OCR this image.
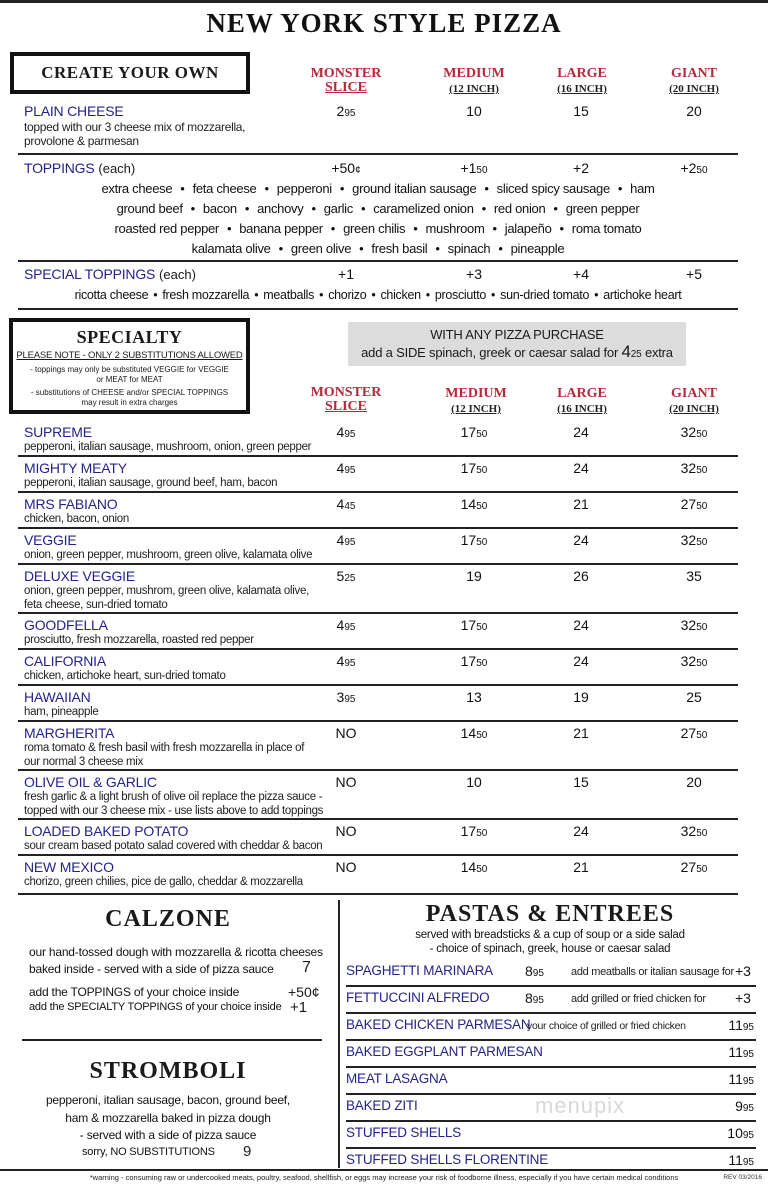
NEW YORK STYLE PIZZA
CREATE YOUR OWN	MONSTER
SLICE
MEDIUM
(12 INCH)
LARGE
(16 INCH)
GIANT
(20 INCH)
PLAIN CHEESE
topped with our 3 cheese mix of mozzarella,
provolone & parmesan
295	10	15	20
TOPPINGS (each)	+50¢	+150	+2	+250
extra cheese • feta cheese • pepperoni • ground italian sausage • sliced spicy sausage • ham
ground beef • bacon • anchovy • garlic • caramelized onion • red onion • green pepper
roasted red pepper • banana pepper • green chilis • mushroom • jalapeño • roma tomato
kalamata olive • green olive • fresh basil • spinach • pineapple
SPECIAL TOPPINGS (each)	+1	+3	+4	+5
ricotta cheese • fresh mozzarella • meatballs • chorizo • chicken • prosciutto • sun-dried tomato • artichoke heart
SPECIALTY
PLEASE NOTE - ONLY 2 SUBSTITUTIONS ALLOWED
- toppings may only be substituted VEGGIE for VEGGIE
or MEAT for MEAT
- substitutions of CHEESE and/or SPECIAL TOPPINGS
may result in extra charges
WITH ANY PIZZA PURCHASE
add a SIDE spinach, greek or caesar salad for 425 extra
MONSTER
SLICE
MEDIUM
(12 INCH)
LARGE
(16 INCH)
GIANT
(20 INCH)
SUPREME
pepperoni, italian sausage, mushroom, onion, green pepper
495	1750	24	3250
MIGHTY MEATY
pepperoni, italian sausage, ground beef, ham, bacon
495	1750	24	3250
MRS FABIANO
chicken, bacon, onion
445	1450	21	2750
VEGGIE
onion, green pepper, mushroom, green olive, kalamata olive
495	1750	24	3250
DELUXE VEGGIE
onion, green pepper, mushrom, green olive, kalamata olive,
feta cheese, sun-dried tomato
525	19	26	35
GOODFELLA
prosciutto, fresh mozzarella, roasted red pepper
495	1750	24	3250
CALIFORNIA
chicken, artichoke heart, sun-dried tomato
495	1750	24	3250
HAWAIIAN
ham, pineapple
395	13	19	25
MARGHERITA
roma tomato & fresh basil with fresh mozzarella in place of
our normal 3 cheese mix
NO	1450	21	2750
OLIVE OIL & GARLIC
fresh garlic & a light brush of olive oil replace the pizza sauce -
topped with our 3 cheese mix - use lists above to add toppings
NO	10	15	20
LOADED BAKED POTATO
sour cream based potato salad covered with cheddar & bacon
NO	1750	24	3250
NEW MEXICO
chorizo, green chilies, pice de gallo, cheddar & mozzarella
NO	1450	21	2750
CALZONE
our hand-tossed dough with mozzarella & ricotta cheeses
baked inside - served with a side of pizza sauce 7
add the TOPPINGS of your choice inside	+50¢
add the SPECIALTY TOPPINGS of your choice inside +1
STROMBOLI
pepperoni, italian sausage, bacon, ground beef,
ham & mozzarella baked in pizza dough
- served with a side of pizza sauce
sorry, NO SUBSTITUTIONS 9
PASTAS & ENTREES
served with breadsticks & a cup of soup or a side salad
- choice of spinach, greek, house or caesar salad
SPAGHETTI MARINARA 895 add meatballs or italian sausage for +3
FETTUCCINI ALFREDO	895 add grilled or fried chicken for +3
BAKED CHICKEN PARMESAN
your choice of grilled or fried chicken	1195
BAKED EGGPLANT PARMESAN	1195
MEAT LASAGNA	1195
BAKED ZITI	995
STUFFED SHELLS	1095
STUFFED SHELLS FLORENTINE	1195
menupix
*warning - consuming raw or undercooked meats, poultry, seafood, shellfish, or eggs may increase your risk of foodborne illness, especially if you have certain medical conditions	REV 03/2016
